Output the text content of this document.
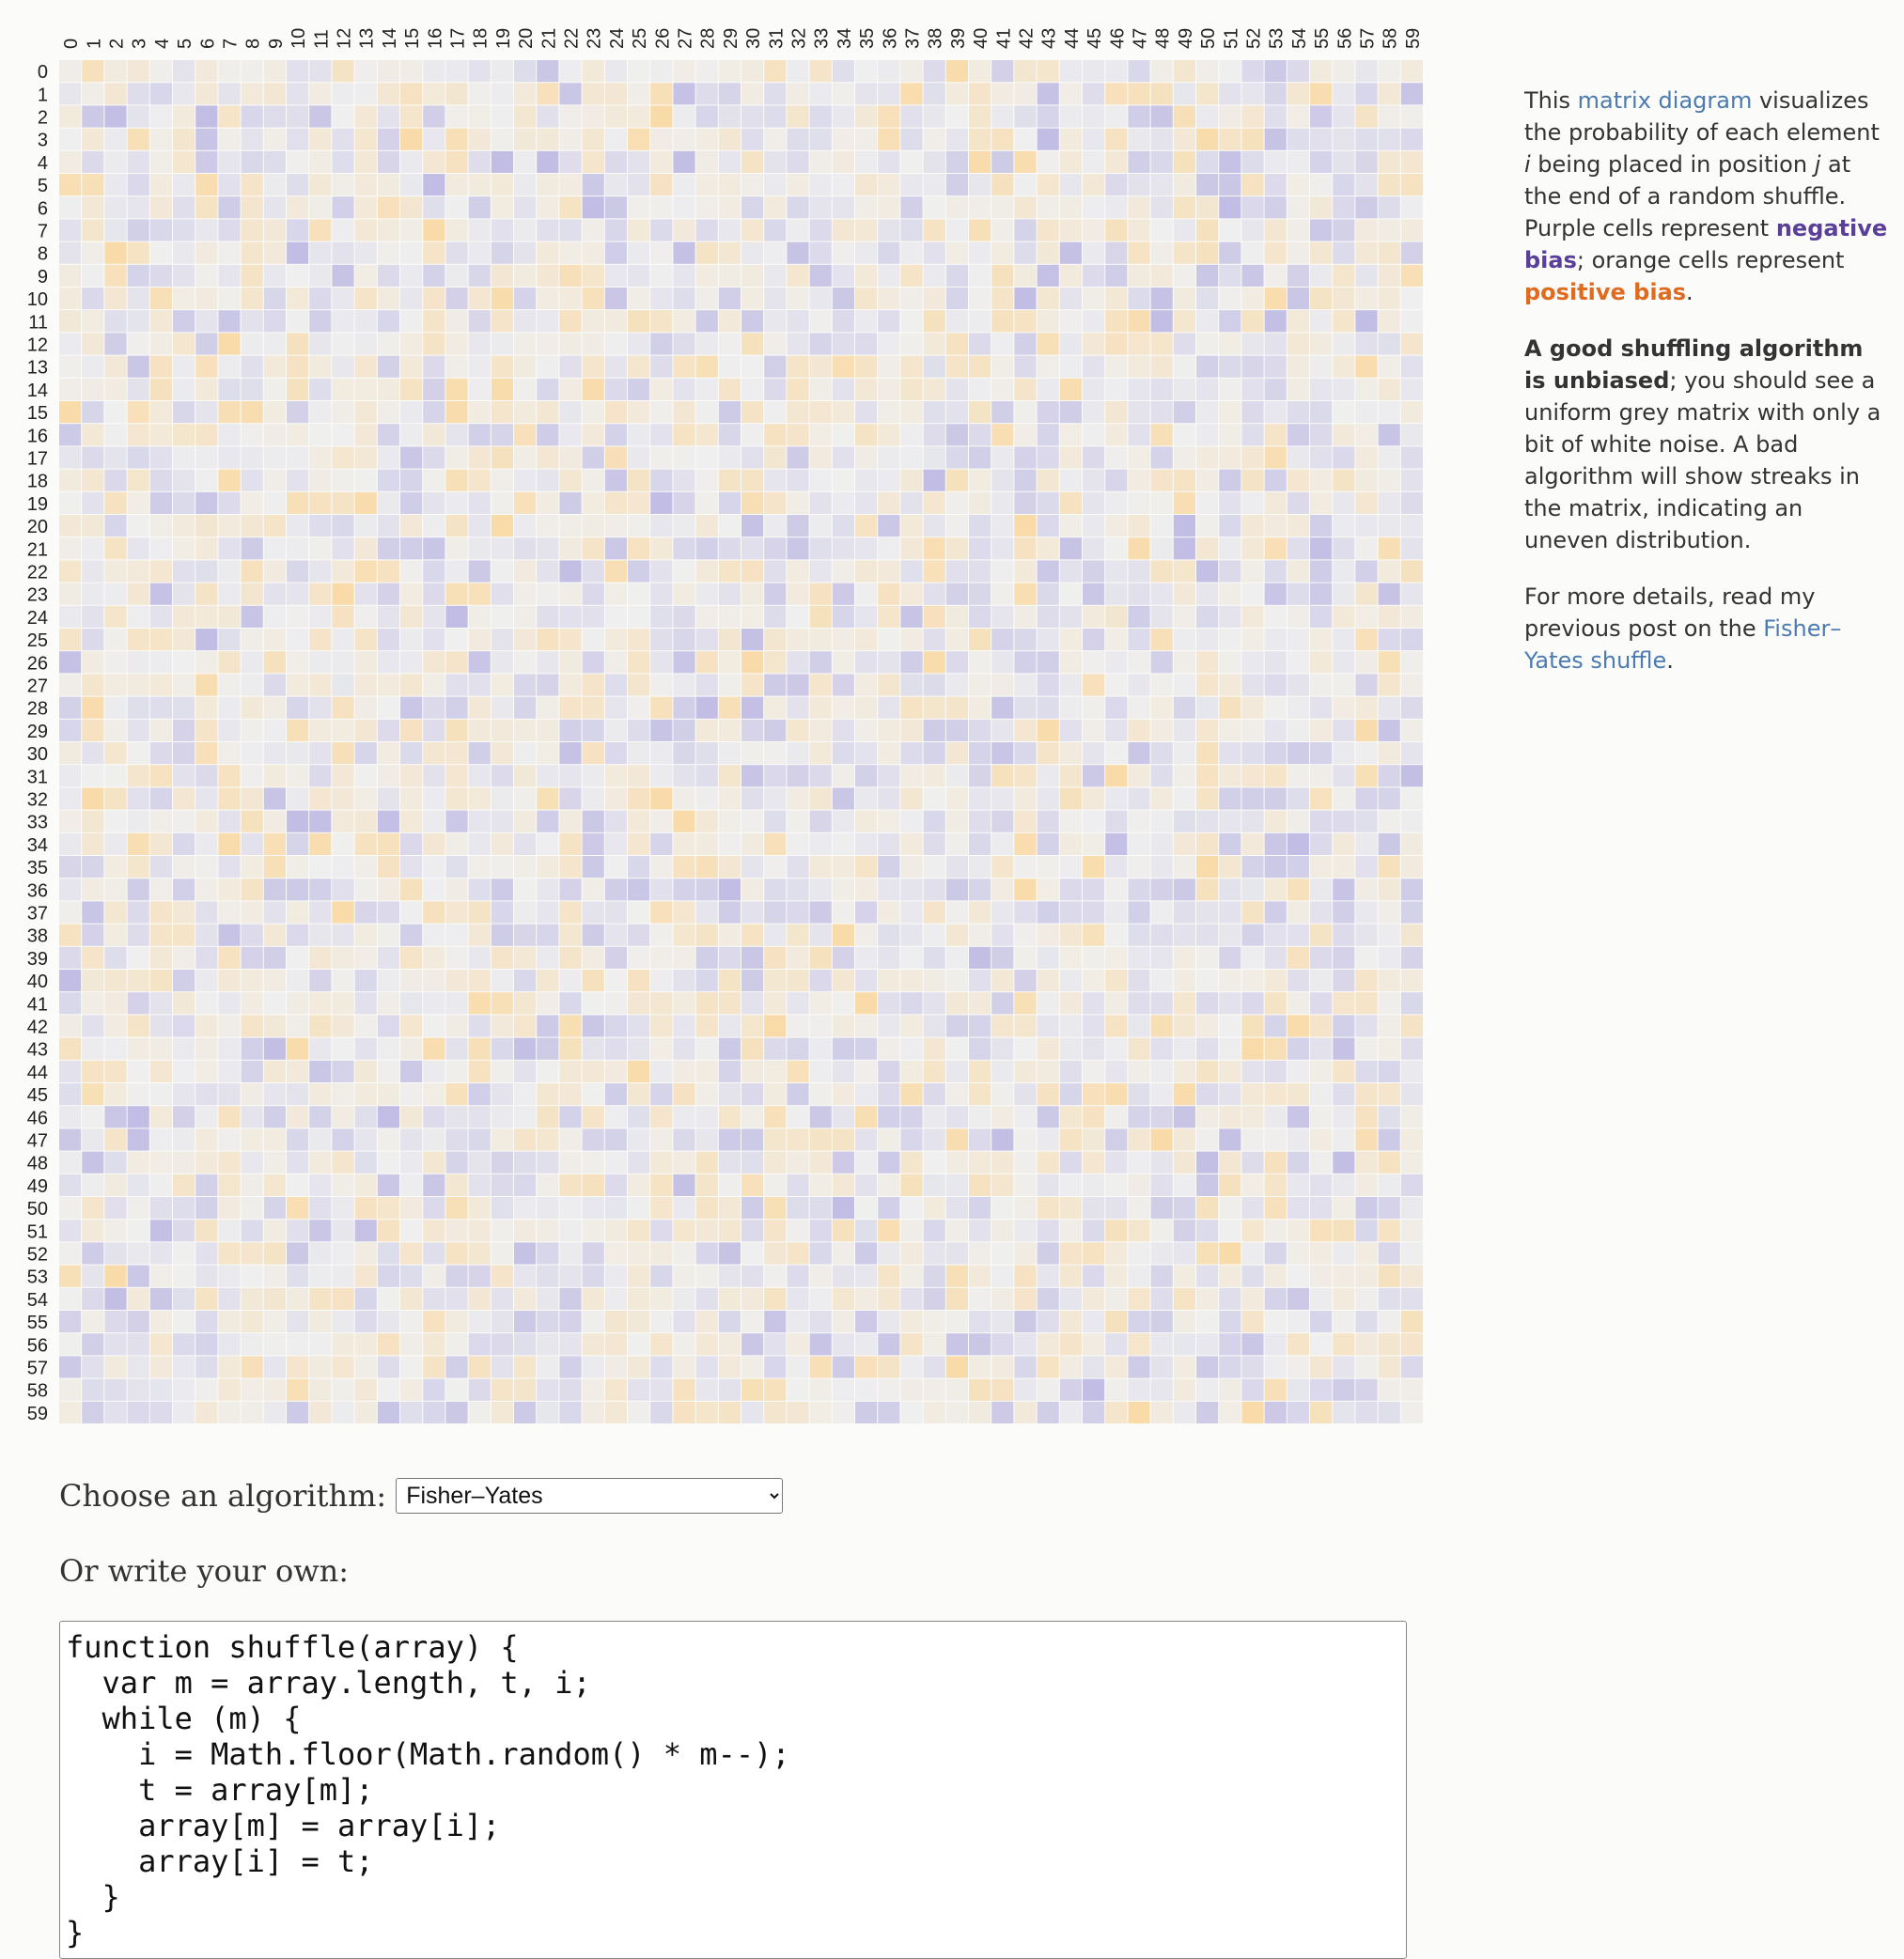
0
1
2
3
4
5
6
7
8
9
10
11
12
13
14
15
16
17
18
19
20
21
22
23
24
25
26
27
28
29
30
31
32
33
34
35
36
37
38
39
40
41
42
43
44
45
46
47
48
49
50
51
52
53
54
55
56
57
58
59
0 1 2 3 4 5 6 7 8 9 10 11 12 13 14 15 16 17 18 19 20 21 22 23 24 25 26 27 28 29 30 31 32 33 34 35 36 37 38 39 40 41 42 43 44 45 46 47 48 49 50 51 52 53 54 55 56 57 58 59

This matrix diagram visualizes the probability of each element i being placed in position j at the end of a random shuffle. Purple cells represent negative bias; orange cells represent positive bias.

A good shuffling algorithm is unbiased; you should see a uniform grey matrix with only a bit of white noise. A bad algorithm will show streaks in the matrix, indicating an uneven distribution.

For more details, read my previous post on the Fisher–Yates shuffle.

Choose an algorithm:
Fisher–Yates
Or write your own:
function shuffle(array) { var m = array.length, t, i; while (m) { i = Math.floor(Math.random() * m--); t = array[m]; array[m] = array[i]; array[i] = t; } }
